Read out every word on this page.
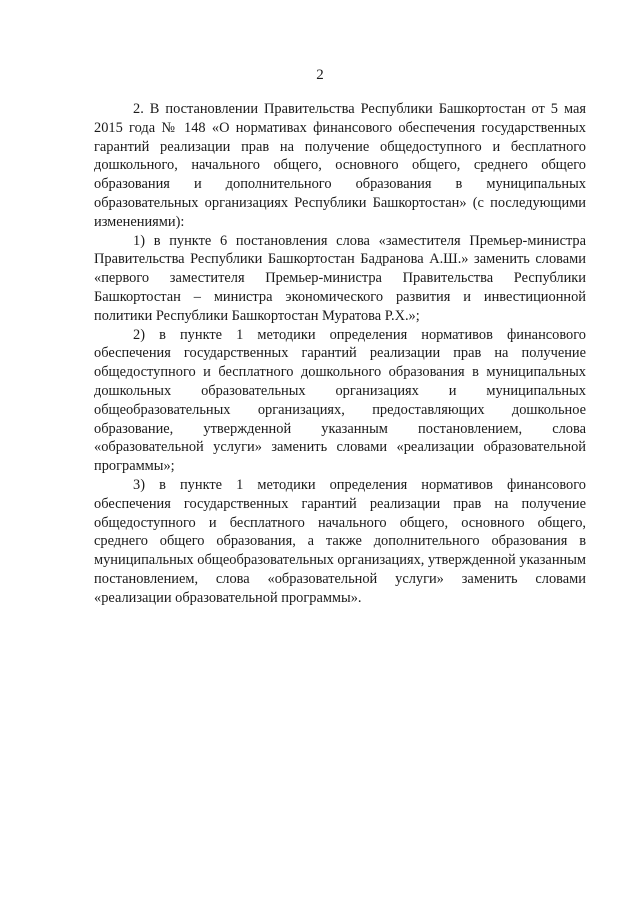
2

2. В постановлении Правительства Республики Башкортостан от 5 мая 2015 года № 148 «О нормативах финансового обеспечения государственных гарантий реализации прав на получение общедоступного и бесплатного дошкольного, начального общего, основного общего, среднего общего образования и дополнительного образования в муниципальных образовательных организациях Республики Башкортостан» (с последующими изменениями):

1) в пункте 6 постановления слова «заместителя Премьер-министра Правительства Республики Башкортостан Бадранова А.Ш.» заменить словами «первого заместителя Премьер-министра Правительства Республики Башкортостан – министра экономического развития и инвестиционной политики Республики Башкортостан Муратова Р.Х.»;

2) в пункте 1 методики определения нормативов финансового обеспечения государственных гарантий реализации прав на получение общедоступного и бесплатного дошкольного образования в муниципальных дошкольных образовательных организациях и муниципальных общеобразовательных организациях, предоставляющих дошкольное образование, утвержденной указанным постановлением, слова «образовательной услуги» заменить словами «реализации образовательной программы»;

3) в пункте 1 методики определения нормативов финансового обеспечения государственных гарантий реализации прав на получение общедоступного и бесплатного начального общего, основного общего, среднего общего образования, а также дополнительного образования в муниципальных общеобразовательных организациях, утвержденной указанным постановлением, слова «образовательной услуги» заменить словами «реализации образовательной программы».
